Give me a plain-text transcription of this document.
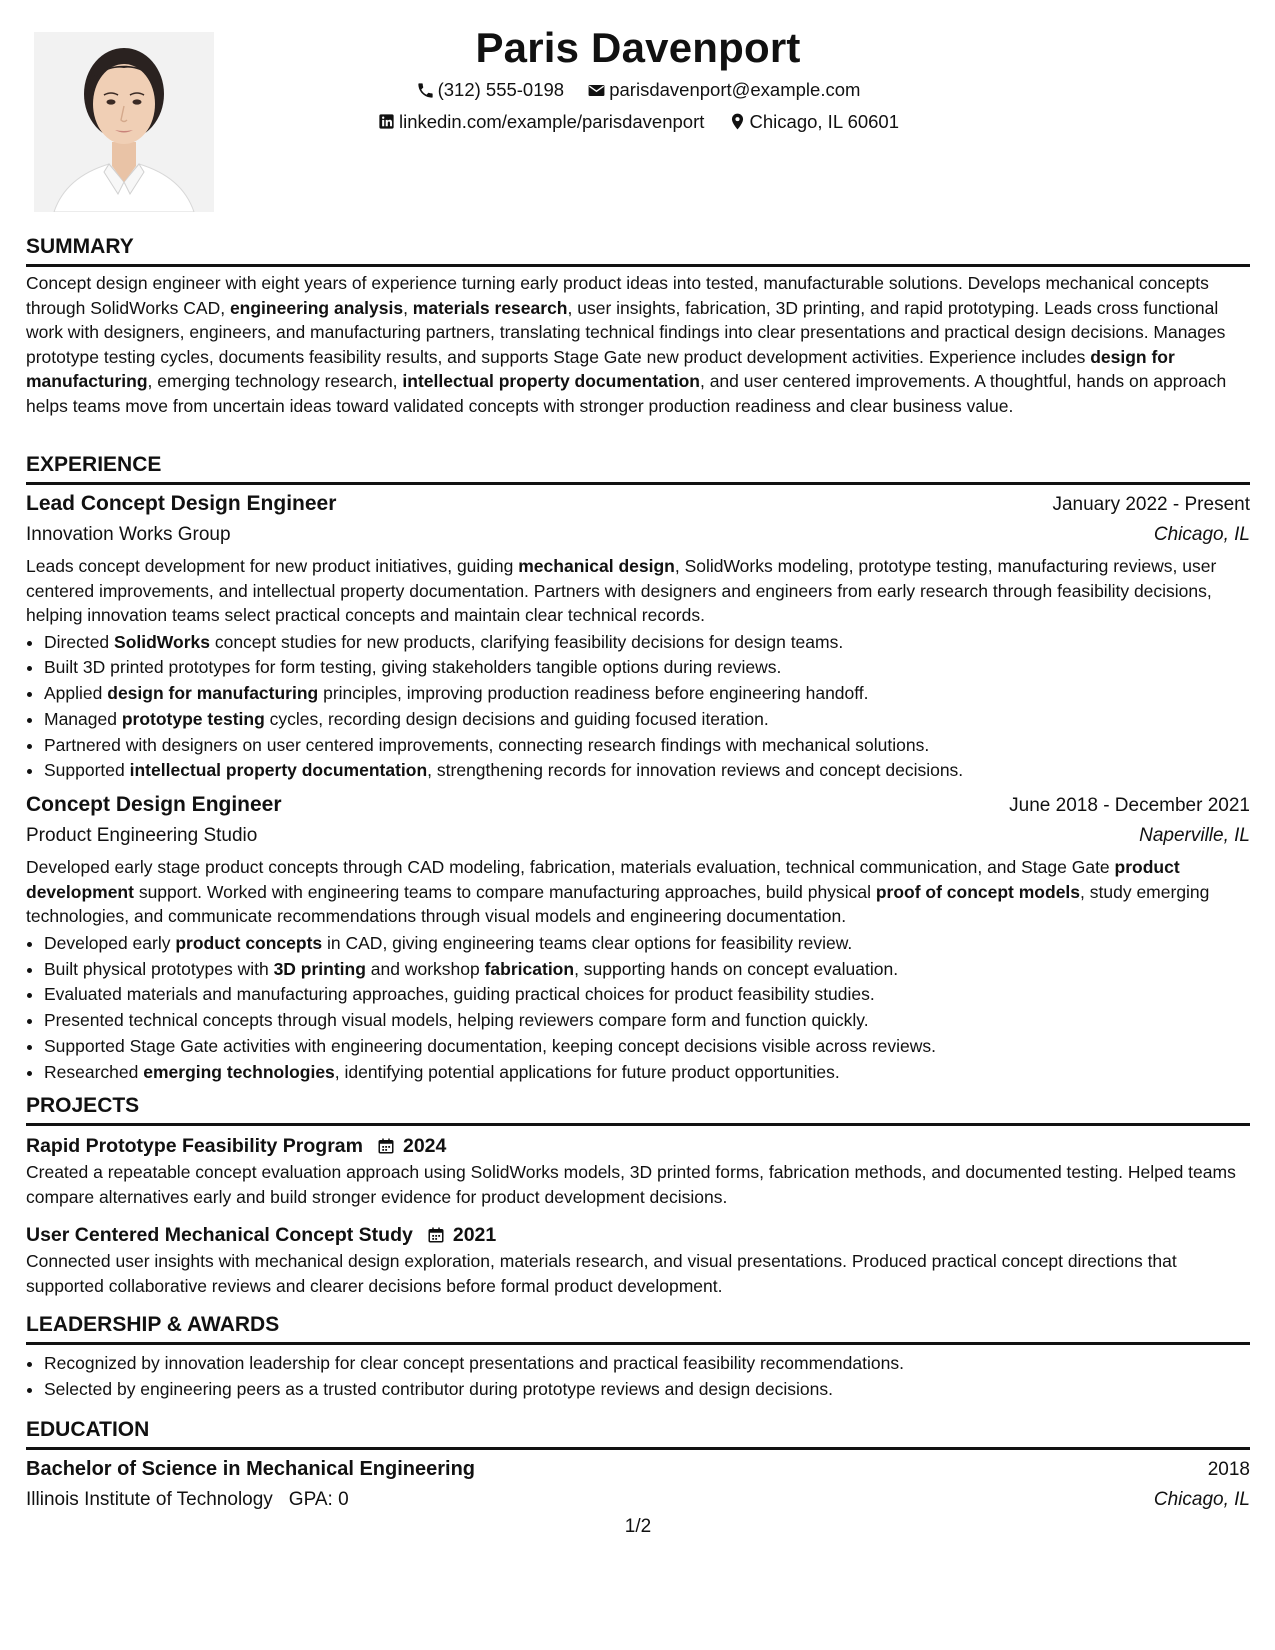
Paris Davenport
(312) 555-0198
parisdavenport@example.com
linkedin.com/example/parisdavenport
Chicago, IL 60601
SUMMARY

Concept design engineer with eight years of experience turning early product ideas into tested, manufacturable solutions. Develops mechanical concepts through SolidWorks CAD, engineering analysis, materials research, user insights, fabrication, 3D printing, and rapid prototyping. Leads cross functional work with designers, engineers, and manufacturing partners, translating technical findings into clear presentations and practical design decisions. Manages prototype testing cycles, documents feasibility results, and supports Stage Gate new product development activities. Experience includes design for manufacturing, emerging technology research, intellectual property documentation, and user centered improvements. A thoughtful, hands on approach helps teams move from uncertain ideas toward validated concepts with stronger production readiness and clear business value.

EXPERIENCE
Lead Concept Design Engineer	January 2022 - Present
Innovation Works Group	Chicago, IL

Leads concept development for new product initiatives, guiding mechanical design, SolidWorks modeling, prototype testing, manufacturing reviews, user centered improvements, and intellectual property documentation. Partners with designers and engineers from early research through feasibility decisions, helping innovation teams select practical concepts and maintain clear technical records.

• Directed SolidWorks concept studies for new products, clarifying feasibility decisions for design teams.
• Built 3D printed prototypes for form testing, giving stakeholders tangible options during reviews.
• Applied design for manufacturing principles, improving production readiness before engineering handoff.
• Managed prototype testing cycles, recording design decisions and guiding focused iteration.
• Partnered with designers on user centered improvements, connecting research findings with mechanical solutions.
• Supported intellectual property documentation, strengthening records for innovation reviews and concept decisions.
Concept Design Engineer	June 2018 - December 2021
Product Engineering Studio	Naperville, IL

Developed early stage product concepts through CAD modeling, fabrication, materials evaluation, technical communication, and Stage Gate product development support. Worked with engineering teams to compare manufacturing approaches, build physical proof of concept models, study emerging technologies, and communicate recommendations through visual models and engineering documentation.

• Developed early product concepts in CAD, giving engineering teams clear options for feasibility review.
• Built physical prototypes with 3D printing and workshop fabrication, supporting hands on concept evaluation.
• Evaluated materials and manufacturing approaches, guiding practical choices for product feasibility studies.
• Presented technical concepts through visual models, helping reviewers compare form and function quickly.
• Supported Stage Gate activities with engineering documentation, keeping concept decisions visible across reviews.
• Researched emerging technologies, identifying potential applications for future product opportunities.
PROJECTS
Rapid Prototype Feasibility Program 2024

Created a repeatable concept evaluation approach using SolidWorks models, 3D printed forms, fabrication methods, and documented testing. Helped teams compare alternatives early and build stronger evidence for product development decisions.

User Centered Mechanical Concept Study 2021

Connected user insights with mechanical design exploration, materials research, and visual presentations. Produced practical concept directions that supported collaborative reviews and clearer decisions before formal product development.

LEADERSHIP & AWARDS
• Recognized by innovation leadership for clear concept presentations and practical feasibility recommendations.
• Selected by engineering peers as a trusted contributor during prototype reviews and design decisions.
EDUCATION
Bachelor of Science in Mechanical Engineering	2018
Illinois Institute of Technology GPA: 0	Chicago, IL
1/2
